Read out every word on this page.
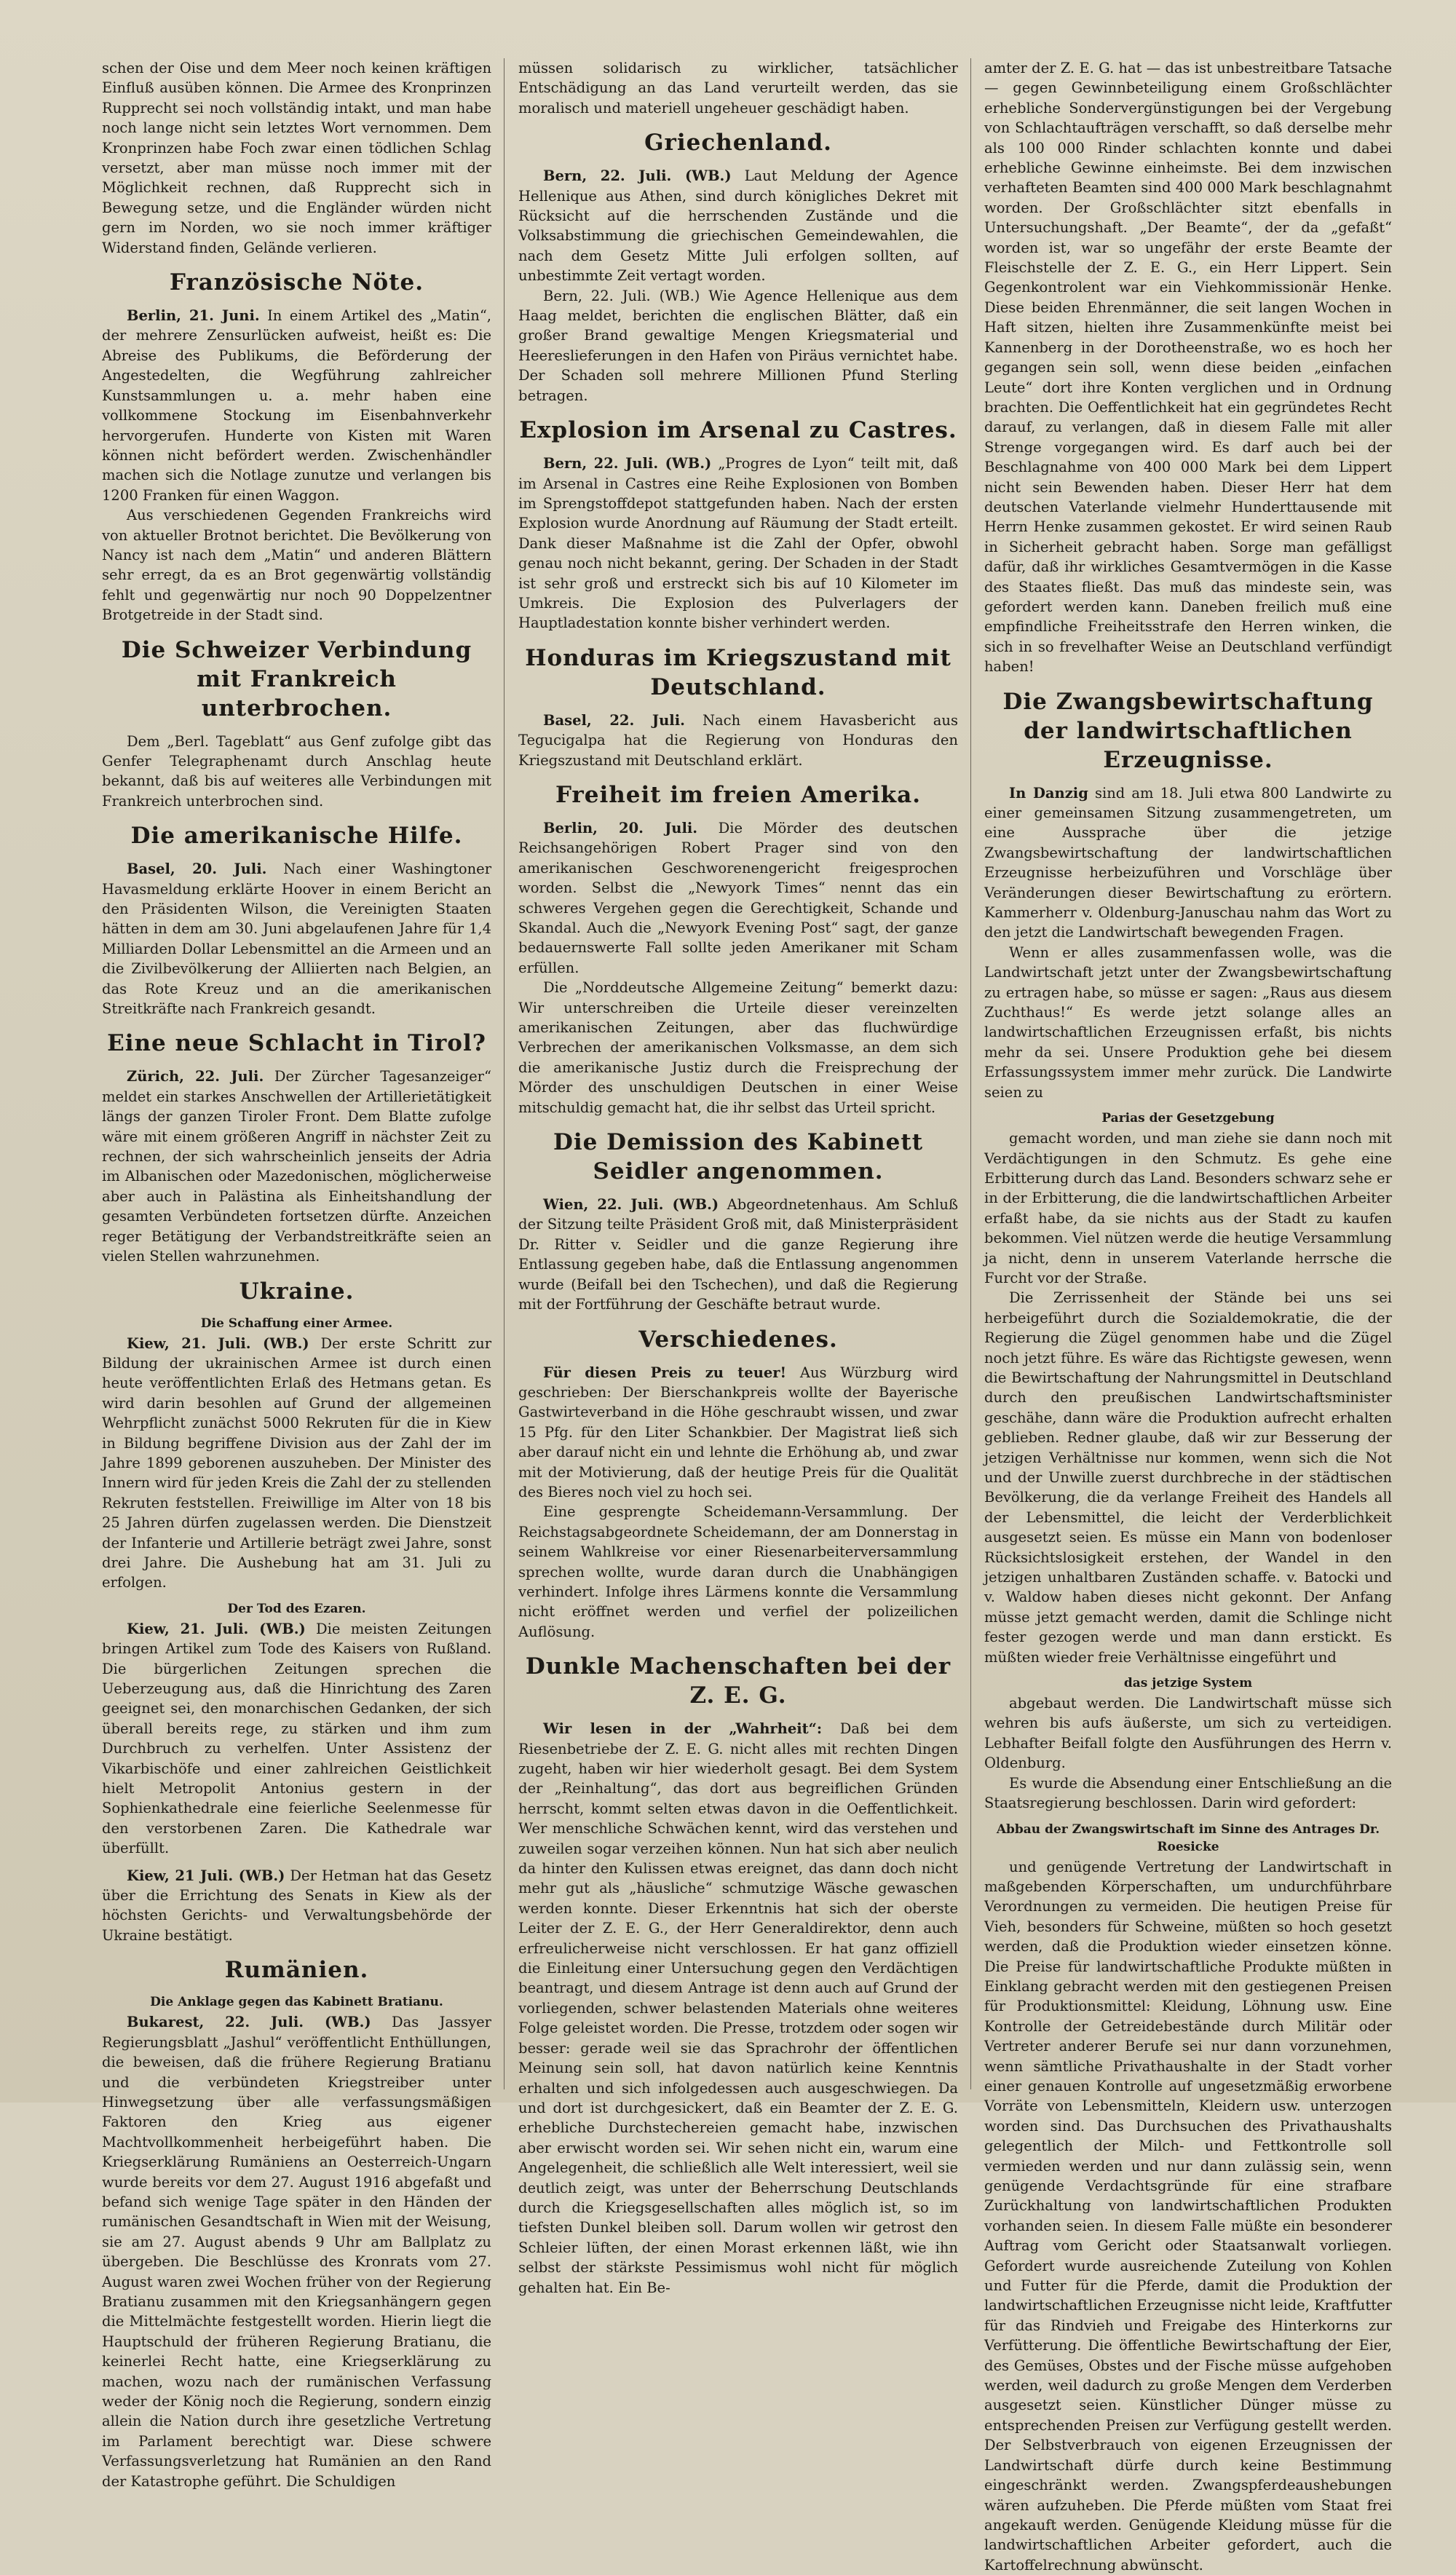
schen der Oise und dem Meer noch keinen kräftigen Einfluß ausüben können. Die Armee des Kronprinzen Rupprecht sei noch vollständig intakt, und man habe noch lange nicht sein letztes Wort vernommen. Dem Kronprinzen habe Foch zwar einen tödlichen Schlag versetzt, aber man müsse noch immer mit der Möglichkeit rechnen, daß Rupprecht sich in Bewegung setze, und die Engländer würden nicht gern im Norden, wo sie noch immer kräftiger Widerstand finden, Gelände verlieren.

Französische Nöte.

Berlin, 21. Juni. In einem Artikel des „Matin“, der mehrere Zensurlücken aufweist, heißt es: Die Abreise des Publikums, die Beförderung der Angestedelten, die Wegführung zahlreicher Kunstsammlungen u. a. mehr haben eine vollkommene Stockung im Eisenbahnverkehr hervorgerufen. Hunderte von Kisten mit Waren können nicht befördert werden. Zwischenhändler machen sich die Notlage zunutze und verlangen bis 1200 Franken für einen Waggon.

Aus verschiedenen Gegenden Frankreichs wird von aktueller Brotnot berichtet. Die Bevölkerung von Nancy ist nach dem „Matin“ und anderen Blättern sehr erregt, da es an Brot gegenwärtig vollständig fehlt und gegenwärtig nur noch 90 Doppelzentner Brotgetreide in der Stadt sind.

Die Schweizer Verbindung mit Frankreich unterbrochen.

Dem „Berl. Tageblatt“ aus Genf zufolge gibt das Genfer Telegraphenamt durch Anschlag heute bekannt, daß bis auf weiteres alle Verbindungen mit Frankreich unterbrochen sind.

Die amerikanische Hilfe.

Basel, 20. Juli. Nach einer Washingtoner Havasmeldung erklärte Hoover in einem Bericht an den Präsidenten Wilson, die Vereinigten Staaten hätten in dem am 30. Juni abgelaufenen Jahre für 1,4 Milliarden Dollar Lebensmittel an die Armeen und an die Zivilbevölkerung der Alliierten nach Belgien, an das Rote Kreuz und an die amerikanischen Streitkräfte nach Frankreich gesandt.

Eine neue Schlacht in Tirol?

Zürich, 22. Juli. Der Zürcher Tagesanzeiger“ meldet ein starkes Anschwellen der Artillerietätigkeit längs der ganzen Tiroler Front. Dem Blatte zufolge wäre mit einem größeren Angriff in nächster Zeit zu rechnen, der sich wahrscheinlich jenseits der Adria im Albanischen oder Mazedonischen, möglicherweise aber auch in Palästina als Einheitshandlung der gesamten Verbündeten fortsetzen dürfte. Anzeichen reger Betätigung der Verbandstreitkräfte seien an vielen Stellen wahrzunehmen.

Ukraine.
Die Schaffung einer Armee.

Kiew, 21. Juli. (WB.) Der erste Schritt zur Bildung der ukrainischen Armee ist durch einen heute veröffentlichten Erlaß des Hetmans getan. Es wird darin besohlen auf Grund der allgemeinen Wehrpflicht zunächst 5000 Rekruten für die in Kiew in Bildung begriffene Division aus der Zahl der im Jahre 1899 geborenen auszuheben. Der Minister des Innern wird für jeden Kreis die Zahl der zu stellenden Rekruten feststellen. Freiwillige im Alter von 18 bis 25 Jahren dürfen zugelassen werden. Die Dienstzeit der Infanterie und Artillerie beträgt zwei Jahre, sonst drei Jahre. Die Aushebung hat am 31. Juli zu erfolgen.

Der Tod des Ezaren.

Kiew, 21. Juli. (WB.) Die meisten Zeitungen bringen Artikel zum Tode des Kaisers von Rußland. Die bürgerlichen Zeitungen sprechen die Ueberzeugung aus, daß die Hinrichtung des Zaren geeignet sei, den monarchischen Gedanken, der sich überall bereits rege, zu stärken und ihm zum Durchbruch zu verhelfen. Unter Assistenz der Vikarbischöfe und einer zahlreichen Geistlichkeit hielt Metropolit Antonius gestern in der Sophienkathedrale eine feierliche Seelenmesse für den verstorbenen Zaren. Die Kathedrale war überfüllt.

Kiew, 21 Juli. (WB.) Der Hetman hat das Gesetz über die Errichtung des Senats in Kiew als der höchsten Gerichts- und Verwaltungsbehörde der Ukraine bestätigt.

Rumänien.
Die Anklage gegen das Kabinett Bratianu.

Bukarest, 22. Juli. (WB.) Das Jassyer Regierungsblatt „Jashul“ veröffentlicht Enthüllungen, die beweisen, daß die frühere Regierung Bratianu und die verbündeten Kriegstreiber unter Hinwegsetzung über alle verfassungsmäßigen Faktoren den Krieg aus eigener Machtvollkommenheit herbeigeführt haben. Die Kriegserklärung Rumäniens an Oesterreich-Ungarn wurde bereits vor dem 27. August 1916 abgefaßt und befand sich wenige Tage später in den Händen der rumänischen Gesandtschaft in Wien mit der Weisung, sie am 27. August abends 9 Uhr am Ballplatz zu übergeben. Die Beschlüsse des Kronrats vom 27. August waren zwei Wochen früher von der Regierung Bratianu zusammen mit den Kriegsanhängern gegen die Mittelmächte festgestellt worden. Hierin liegt die Hauptschuld der früheren Regierung Bratianu, die keinerlei Recht hatte, eine Kriegserklärung zu machen, wozu nach der rumänischen Verfassung weder der König noch die Regierung, sondern einzig allein die Nation durch ihre gesetzliche Vertretung im Parlament berechtigt war. Diese schwere Verfassungsverletzung hat Rumänien an den Rand der Katastrophe geführt. Die Schuldigen

müssen solidarisch zu wirklicher, tatsächlicher Entschädigung an das Land verurteilt werden, das sie moralisch und materiell ungeheuer geschädigt haben.

Griechenland.

Bern, 22. Juli. (WB.) Laut Meldung der Agence Hellenique aus Athen, sind durch königliches Dekret mit Rücksicht auf die herrschenden Zustände und die Volksabstimmung die griechischen Gemeindewahlen, die nach dem Gesetz Mitte Juli erfolgen sollten, auf unbestimmte Zeit vertagt worden.

Bern, 22. Juli. (WB.) Wie Agence Hellenique aus dem Haag meldet, berichten die englischen Blätter, daß ein großer Brand gewaltige Mengen Kriegsmaterial und Heereslieferungen in den Hafen von Piräus vernichtet habe. Der Schaden soll mehrere Millionen Pfund Sterling betragen.

Explosion im Arsenal zu Castres.

Bern, 22. Juli. (WB.) „Progres de Lyon“ teilt mit, daß im Arsenal in Castres eine Reihe Explosionen von Bomben im Sprengstoffdepot stattgefunden haben. Nach der ersten Explosion wurde Anordnung auf Räumung der Stadt erteilt. Dank dieser Maßnahme ist die Zahl der Opfer, obwohl genau noch nicht bekannt, gering. Der Schaden in der Stadt ist sehr groß und erstreckt sich bis auf 10 Kilometer im Umkreis. Die Explosion des Pulverlagers der Hauptladestation konnte bisher verhindert werden.

Honduras im Kriegszustand mit Deutschland.

Basel, 22. Juli. Nach einem Havasbericht aus Tegucigalpa hat die Regierung von Honduras den Kriegszustand mit Deutschland erklärt.

Freiheit im freien Amerika.

Berlin, 20. Juli. Die Mörder des deutschen Reichsangehörigen Robert Prager sind von den amerikanischen Geschworenengericht freigesprochen worden. Selbst die „Newyork Times“ nennt das ein schweres Vergehen gegen die Gerechtigkeit, Schande und Skandal. Auch die „Newyork Evening Post“ sagt, der ganze bedauernswerte Fall sollte jeden Amerikaner mit Scham erfüllen.

Die „Norddeutsche Allgemeine Zeitung“ bemerkt dazu: Wir unterschreiben die Urteile dieser vereinzelten amerikanischen Zeitungen, aber das fluchwürdige Verbrechen der amerikanischen Volksmasse, an dem sich die amerikanische Justiz durch die Freisprechung der Mörder des unschuldigen Deutschen in einer Weise mitschuldig gemacht hat, die ihr selbst das Urteil spricht.

Die Demission des Kabinett Seidler angenommen.

Wien, 22. Juli. (WB.) Abgeordnetenhaus. Am Schluß der Sitzung teilte Präsident Groß mit, daß Ministerpräsident Dr. Ritter v. Seidler und die ganze Regierung ihre Entlassung gegeben habe, daß die Entlassung angenommen wurde (Beifall bei den Tschechen), und daß die Regierung mit der Fortführung der Geschäfte betraut wurde.

Verschiedenes.

Für diesen Preis zu teuer! Aus Würzburg wird geschrieben: Der Bierschankpreis wollte der Bayerische Gastwirteverband in die Höhe geschraubt wissen, und zwar 15 Pfg. für den Liter Schankbier. Der Magistrat ließ sich aber darauf nicht ein und lehnte die Erhöhung ab, und zwar mit der Motivierung, daß der heutige Preis für die Qualität des Bieres noch viel zu hoch sei.

Eine gesprengte Scheidemann-Versammlung. Der Reichstagsabgeordnete Scheidemann, der am Donnerstag in seinem Wahlkreise vor einer Riesenarbeiterversammlung sprechen wollte, wurde daran durch die Unabhängigen verhindert. Infolge ihres Lärmens konnte die Versammlung nicht eröffnet werden und verfiel der polizeilichen Auflösung.

Dunkle Machenschaften bei der Z. E. G.

Wir lesen in der „Wahrheit“: Daß bei dem Riesenbetriebe der Z. E. G. nicht alles mit rechten Dingen zugeht, haben wir hier wiederholt gesagt. Bei dem System der „Reinhaltung“, das dort aus begreiflichen Gründen herrscht, kommt selten etwas davon in die Oeffentlichkeit. Wer menschliche Schwächen kennt, wird das verstehen und zuweilen sogar verzeihen können. Nun hat sich aber neulich da hinter den Kulissen etwas ereignet, das dann doch nicht mehr gut als „häusliche“ schmutzige Wäsche gewaschen werden konnte. Dieser Erkenntnis hat sich der oberste Leiter der Z. E. G., der Herr Generaldirektor, denn auch erfreulicherweise nicht verschlossen. Er hat ganz offiziell die Einleitung einer Untersuchung gegen den Verdächtigen beantragt, und diesem Antrage ist denn auch auf Grund der vorliegenden, schwer belastenden Materials ohne weiteres Folge geleistet worden. Die Presse, trotzdem oder sogen wir besser: gerade weil sie das Sprachrohr der öffentlichen Meinung sein soll, hat davon natürlich keine Kenntnis erhalten und sich infolgedessen auch ausgeschwiegen. Da und dort ist durchgesickert, daß ein Beamter der Z. E. G. erhebliche Durchstechereien gemacht habe, inzwischen aber erwischt worden sei. Wir sehen nicht ein, warum eine Angelegenheit, die schließlich alle Welt interessiert, weil sie deutlich zeigt, was unter der Beherrschung Deutschlands durch die Kriegsgesellschaften alles möglich ist, so im tiefsten Dunkel bleiben soll. Darum wollen wir getrost den Schleier lüften, der einen Morast erkennen läßt, wie ihn selbst der stärkste Pessimismus wohl nicht für möglich gehalten hat. Ein Be-

amter der Z. E. G. hat — das ist unbestreitbare Tatsache — gegen Gewinnbeteiligung einem Großschlächter erhebliche Sondervergünstigungen bei der Vergebung von Schlachtaufträgen verschafft, so daß derselbe mehr als 100 000 Rinder schlachten konnte und dabei erhebliche Gewinne einheimste. Bei dem inzwischen verhafteten Beamten sind 400 000 Mark beschlagnahmt worden. Der Großschlächter sitzt ebenfalls in Untersuchungshaft. „Der Beamte“, der da „gefaßt“ worden ist, war so ungefähr der erste Beamte der Fleischstelle der Z. E. G., ein Herr Lippert. Sein Gegenkontrolent war ein Viehkommissionär Henke. Diese beiden Ehrenmänner, die seit langen Wochen in Haft sitzen, hielten ihre Zusammenkünfte meist bei Kannenberg in der Dorotheenstraße, wo es hoch her gegangen sein soll, wenn diese beiden „einfachen Leute“ dort ihre Konten verglichen und in Ordnung brachten. Die Oeffentlichkeit hat ein gegründetes Recht darauf, zu verlangen, daß in diesem Falle mit aller Strenge vorgegangen wird. Es darf auch bei der Beschlagnahme von 400 000 Mark bei dem Lippert nicht sein Bewenden haben. Dieser Herr hat dem deutschen Vaterlande vielmehr Hunderttausende mit Herrn Henke zusammen gekostet. Er wird seinen Raub in Sicherheit gebracht haben. Sorge man gefälligst dafür, daß ihr wirkliches Gesamtvermögen in die Kasse des Staates fließt. Das muß das mindeste sein, was gefordert werden kann. Daneben freilich muß eine empfindliche Freiheitsstrafe den Herren winken, die sich in so frevelhafter Weise an Deutschland verfündigt haben!

Die Zwangsbewirtschaftung der landwirtschaftlichen Erzeugnisse.

In Danzig sind am 18. Juli etwa 800 Landwirte zu einer gemeinsamen Sitzung zusammengetreten, um eine Aussprache über die jetzige Zwangsbewirtschaftung der landwirtschaftlichen Erzeugnisse herbeizuführen und Vorschläge über Veränderungen dieser Bewirtschaftung zu erörtern. Kammerherr v. Oldenburg-Januschau nahm das Wort zu den jetzt die Landwirtschaft bewegenden Fragen.

Wenn er alles zusammenfassen wolle, was die Landwirtschaft jetzt unter der Zwangsbewirtschaftung zu ertragen habe, so müsse er sagen: „Raus aus diesem Zuchthaus!“ Es werde jetzt solange alles an landwirtschaftlichen Erzeugnissen erfaßt, bis nichts mehr da sei. Unsere Produktion gehe bei diesem Erfassungssystem immer mehr zurück. Die Landwirte seien zu

Parias der Gesetzgebung

gemacht worden, und man ziehe sie dann noch mit Verdächtigungen in den Schmutz. Es gehe eine Erbitterung durch das Land. Besonders schwarz sehe er in der Erbitterung, die die landwirtschaftlichen Arbeiter erfaßt habe, da sie nichts aus der Stadt zu kaufen bekommen. Viel nützen werde die heutige Versammlung ja nicht, denn in unserem Vaterlande herrsche die Furcht vor der Straße.

Die Zerrissenheit der Stände bei uns sei herbeigeführt durch die Sozialdemokratie, die der Regierung die Zügel genommen habe und die Zügel noch jetzt führe. Es wäre das Richtigste gewesen, wenn die Bewirtschaftung der Nahrungsmittel in Deutschland durch den preußischen Landwirtschaftsminister geschähe, dann wäre die Produktion aufrecht erhalten geblieben. Redner glaube, daß wir zur Besserung der jetzigen Verhältnisse nur kommen, wenn sich die Not und der Unwille zuerst durchbreche in der städtischen Bevölkerung, die da verlange Freiheit des Handels all der Lebensmittel, die leicht der Verderblichkeit ausgesetzt seien. Es müsse ein Mann von bodenloser Rücksichtslosigkeit erstehen, der Wandel in den jetzigen unhaltbaren Zuständen schaffe. v. Batocki und v. Waldow haben dieses nicht gekonnt. Der Anfang müsse jetzt gemacht werden, damit die Schlinge nicht fester gezogen werde und man dann erstickt. Es müßten wieder freie Verhältnisse eingeführt und

das jetzige System

abgebaut werden. Die Landwirtschaft müsse sich wehren bis aufs äußerste, um sich zu verteidigen. Lebhafter Beifall folgte den Ausführungen des Herrn v. Oldenburg.

Es wurde die Absendung einer Entschließung an die Staatsregierung beschlossen. Darin wird gefordert:

Abbau der Zwangswirtschaft im Sinne des Antrages Dr. Roesicke

und genügende Vertretung der Landwirtschaft in maßgebenden Körperschaften, um undurchführbare Verordnungen zu vermeiden. Die heutigen Preise für Vieh, besonders für Schweine, müßten so hoch gesetzt werden, daß die Produktion wieder einsetzen könne. Die Preise für landwirtschaftliche Produkte müßten in Einklang gebracht werden mit den gestiegenen Preisen für Produktionsmittel: Kleidung, Löhnung usw. Eine Kontrolle der Getreidebestände durch Militär oder Vertreter anderer Berufe sei nur dann vorzunehmen, wenn sämtliche Privathaushalte in der Stadt vorher einer genauen Kontrolle auf ungesetzmäßig erworbene Vorräte von Lebensmitteln, Kleidern usw. unterzogen worden sind. Das Durchsuchen des Privathaushalts gelegentlich der Milch- und Fettkontrolle soll vermieden werden und nur dann zulässig sein, wenn genügende Verdachtsgründe für eine strafbare Zurückhaltung von landwirtschaftlichen Produkten vorhanden seien. In diesem Falle müßte ein besonderer Auftrag vom Gericht oder Staatsanwalt vorliegen. Gefordert wurde ausreichende Zuteilung von Kohlen und Futter für die Pferde, damit die Produktion der landwirtschaftlichen Erzeugnisse nicht leide, Kraftfutter für das Rindvieh und Freigabe des Hinterkorns zur Verfütterung. Die öffentliche Bewirtschaftung der Eier, des Gemüses, Obstes und der Fische müsse aufgehoben werden, weil dadurch zu große Mengen dem Verderben ausgesetzt seien. Künstlicher Dünger müsse zu entsprechenden Preisen zur Verfügung gestellt werden. Der Selbstverbrauch von eigenen Erzeugnissen der Landwirtschaft dürfe durch keine Bestimmung eingeschränkt werden. Zwangspferdeaushebungen wären aufzuheben. Die Pferde müßten vom Staat frei angekauft werden. Genügende Kleidung müsse für die landwirtschaftlichen Arbeiter gefordert, auch die Kartoffelrechnung abwünscht.
